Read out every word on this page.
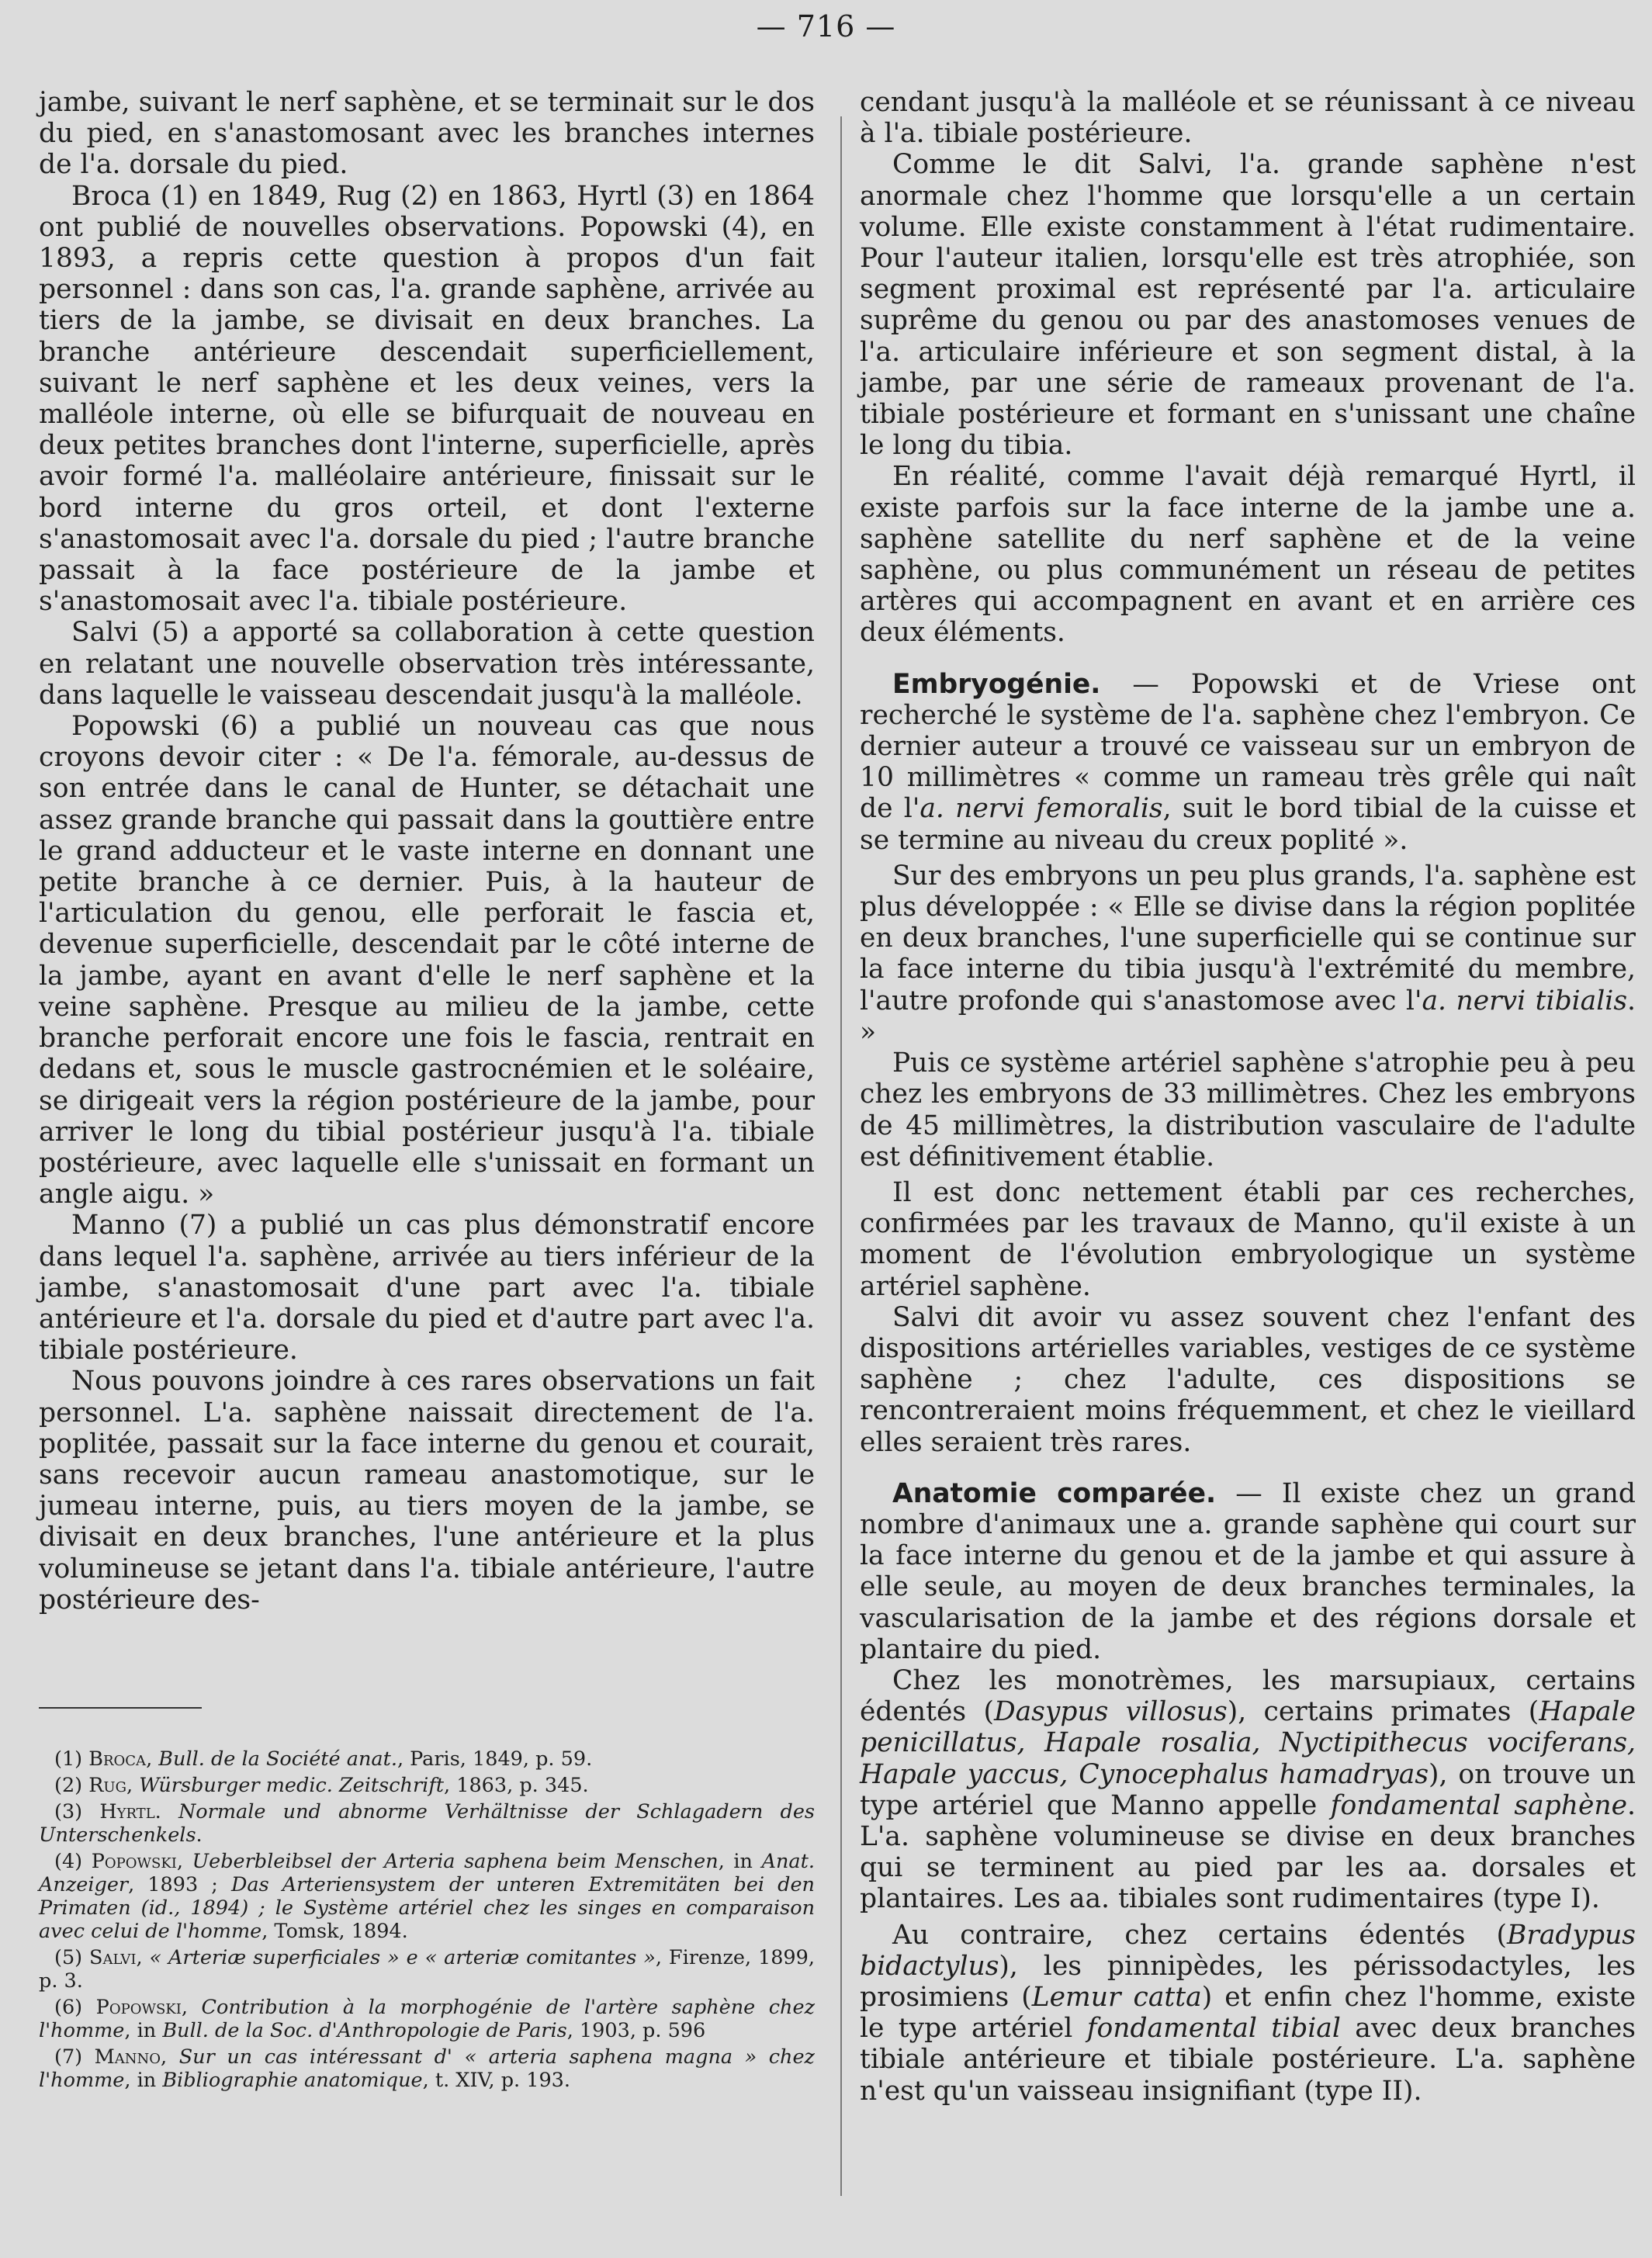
— 716 —

jambe, suivant le nerf saphène, et se terminait sur le dos du pied, en s'anastomosant avec les branches internes de l'a. dorsale du pied.

Broca (1) en 1849, Rug (2) en 1863, Hyrtl (3) en 1864 ont publié de nouvelles observations. Popowski (4), en 1893, a repris cette question à propos d'un fait personnel : dans son cas, l'a. grande saphène, arrivée au tiers de la jambe, se divisait en deux branches. La branche antérieure descendait superficiellement, suivant le nerf saphène et les deux veines, vers la malléole interne, où elle se bifurquait de nouveau en deux petites branches dont l'interne, superficielle, après avoir formé l'a. malléolaire antérieure, finissait sur le bord interne du gros orteil, et dont l'externe s'anastomosait avec l'a. dorsale du pied ; l'autre branche passait à la face postérieure de la jambe et s'anastomosait avec l'a. tibiale postérieure.

Salvi (5) a apporté sa collaboration à cette question en relatant une nouvelle observation très intéressante, dans laquelle le vaisseau descendait jusqu'à la malléole.

Popowski (6) a publié un nouveau cas que nous croyons devoir citer : « De l'a. fémorale, au-dessus de son entrée dans le canal de Hunter, se détachait une assez grande branche qui passait dans la gouttière entre le grand adducteur et le vaste interne en donnant une petite branche à ce dernier. Puis, à la hauteur de l'articulation du genou, elle perforait le fascia et, devenue superficielle, descendait par le côté interne de la jambe, ayant en avant d'elle le nerf saphène et la veine saphène. Presque au milieu de la jambe, cette branche perforait encore une fois le fascia, rentrait en dedans et, sous le muscle gastrocnémien et le soléaire, se dirigeait vers la région postérieure de la jambe, pour arriver le long du tibial postérieur jusqu'à l'a. tibiale postérieure, avec laquelle elle s'unissait en formant un angle aigu. »

Manno (7) a publié un cas plus démonstratif encore dans lequel l'a. saphène, arrivée au tiers inférieur de la jambe, s'anastomosait d'une part avec l'a. tibiale antérieure et l'a. dorsale du pied et d'autre part avec l'a. tibiale postérieure.

Nous pouvons joindre à ces rares observations un fait personnel. L'a. saphène naissait directement de l'a. poplitée, passait sur la face interne du genou et courait, sans recevoir aucun rameau anastomotique, sur le jumeau interne, puis, au tiers moyen de la jambe, se divisait en deux branches, l'une antérieure et la plus volumineuse se jetant dans l'a. tibiale antérieure, l'autre postérieure des-

cendant jusqu'à la malléole et se réunissant à ce niveau à l'a. tibiale postérieure.

Comme le dit Salvi, l'a. grande saphène n'est anormale chez l'homme que lorsqu'elle a un certain volume. Elle existe constamment à l'état rudimentaire. Pour l'auteur italien, lorsqu'elle est très atrophiée, son segment proximal est représenté par l'a. articulaire suprême du genou ou par des anastomoses venues de l'a. articulaire inférieure et son segment distal, à la jambe, par une série de rameaux provenant de l'a. tibiale postérieure et formant en s'unissant une chaîne le long du tibia.

En réalité, comme l'avait déjà remarqué Hyrtl, il existe parfois sur la face interne de la jambe une a. saphène satellite du nerf saphène et de la veine saphène, ou plus communément un réseau de petites artères qui accompagnent en avant et en arrière ces deux éléments.

Embryogénie. — Popowski et de Vriese ont recherché le système de l'a. saphène chez l'embryon. Ce dernier auteur a trouvé ce vaisseau sur un embryon de 10 millimètres « comme un rameau très grêle qui naît de l'a. nervi femoralis, suit le bord tibial de la cuisse et se termine au niveau du creux poplité ».

Sur des embryons un peu plus grands, l'a. saphène est plus développée : « Elle se divise dans la région poplitée en deux branches, l'une superficielle qui se continue sur la face interne du tibia jusqu'à l'extrémité du membre, l'autre profonde qui s'anastomose avec l'a. nervi tibialis. »

Puis ce système artériel saphène s'atrophie peu à peu chez les embryons de 33 millimètres. Chez les embryons de 45 millimètres, la distribution vasculaire de l'adulte est définitivement établie.

Il est donc nettement établi par ces recherches, confirmées par les travaux de Manno, qu'il existe à un moment de l'évolution embryologique un système artériel saphène.

Salvi dit avoir vu assez souvent chez l'enfant des dispositions artérielles variables, vestiges de ce système saphène ; chez l'adulte, ces dispositions se rencontreraient moins fréquemment, et chez le vieillard elles seraient très rares.

Anatomie comparée. — Il existe chez un grand nombre d'animaux une a. grande saphène qui court sur la face interne du genou et de la jambe et qui assure à elle seule, au moyen de deux branches terminales, la vascularisation de la jambe et des régions dorsale et plantaire du pied.

Chez les monotrèmes, les marsupiaux, certains édentés (Dasypus villosus), certains primates (Hapale penicillatus, Hapale rosalia, Nyctipithecus vociferans, Hapale yaccus, Cynocephalus hamadryas), on trouve un type artériel que Manno appelle fondamental saphène. L'a. saphène volumineuse se divise en deux branches qui se terminent au pied par les aa. dorsales et plantaires. Les aa. tibiales sont rudimentaires (type I).

Au contraire, chez certains édentés (Bradypus bidactylus), les pinnipèdes, les périssodactyles, les prosimiens (Lemur catta) et enfin chez l'homme, existe le type artériel fondamental tibial avec deux branches tibiale antérieure et tibiale postérieure. L'a. saphène n'est qu'un vaisseau insignifiant (type II).

(1) Broca, Bull. de la Société anat., Paris, 1849, p. 59.

(2) Rug, Würsburger medic. Zeitschrift, 1863, p. 345.

(3) Hyrtl. Normale und abnorme Verhältnisse der Schlagadern des Unterschenkels.

(4) Popowski, Ueberbleibsel der Arteria saphena beim Menschen, in Anat. Anzeiger, 1893 ; Das Arteriensystem der unteren Extremitäten bei den Primaten (id., 1894) ; le Système artériel chez les singes en comparaison avec celui de l'homme, Tomsk, 1894.

(5) Salvi, « Arteriæ superficiales » e « arteriæ comitantes », Firenze, 1899, p. 3.

(6) Popowski, Contribution à la morphogénie de l'artère saphène chez l'homme, in Bull. de la Soc. d'Anthropologie de Paris, 1903, p. 596

(7) Manno, Sur un cas intéressant d' « arteria saphena magna » chez l'homme, in Bibliographie anatomique, t. XIV, p. 193.
